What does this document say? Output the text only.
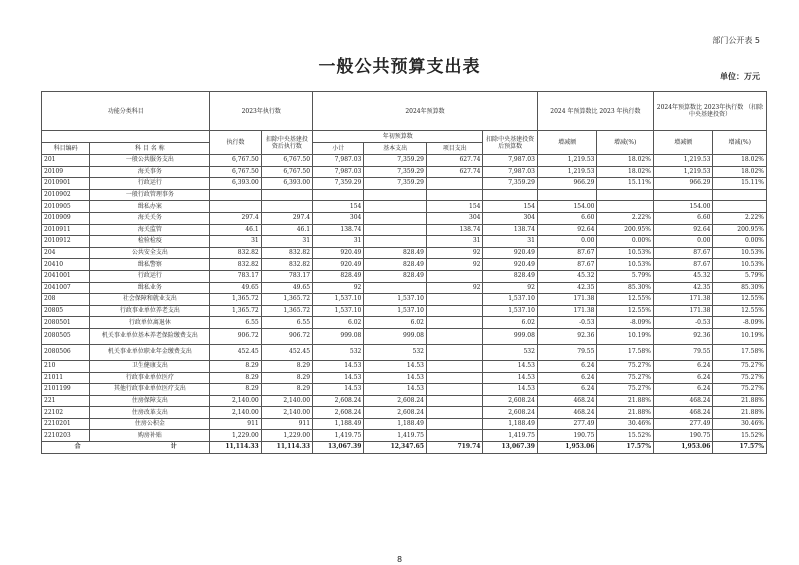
部门公开表 5
一般公共预算支出表	单位：万元
功能分类科目		2023年执行数		2024年预算数				2024 年预算数比 2023 年执行数		2024年预算数比 2023年执行数 （扣除中央基建投资）	
		执行数	扣除中央基建投资后执行数	年初预算数			扣除中央基建投资后预算数	增减额	增减(%)	增减额	增减(%)
科目编码	科 目 名 称			小计	基本支出	项目支出					
201	一般公共服务支出	6,767.50	6,767.50	7,987.03	7,359.29	627.74	7,987.03	1,219.53	18.02%	1,219.53	18.02%
20109	海关事务	6,767.50	6,767.50	7,987.03	7,359.29	627.74	7,987.03	1,219.53	18.02%	1,219.53	18.02%
2010901	行政运行	6,393.00	6,393.00	7,359.29	7,359.29		7,359.29	966.29	15.11%	966.29	15.11%
2010902	一般行政管理事务										
2010905	缉私办案			154		154	154	154.00		154.00	
2010909	海关关务	297.4	297.4	304		304	304	6.60	2.22%	6.60	2.22%
2010911	海关监管	46.1	46.1	138.74		138.74	138.74	92.64	200.95%	92.64	200.95%
2010912	检验检疫	31	31	31		31	31	0.00	0.00%	0.00	0.00%
204	公共安全支出	832.82	832.82	920.49	828.49	92	920.49	87.67	10.53%	87.67	10.53%
20410	缉私警察	832.82	832.82	920.49	828.49	92	920.49	87.67	10.53%	87.67	10.53%
2041001	行政运行	783.17	783.17	828.49	828.49		828.49	45.32	5.79%	45.32	5.79%
2041007	缉私业务	49.65	49.65	92		92	92	42.35	85.30%	42.35	85.30%
208	社会保障和就业支出	1,365.72	1,365.72	1,537.10	1,537.10		1,537.10	171.38	12.55%	171.38	12.55%
20805	行政事业单位养老支出	1,365.72	1,365.72	1,537.10	1,537.10		1,537.10	171.38	12.55%	171.38	12.55%
2080501	行政单位离退休	6.55	6.55	6.02	6.02		6.02	-0.53	-8.09%	-0.53	-8.09%
2080505	机关事业单位基本养老保险缴费支出	906.72	906.72	999.08	999.08		999.08	92.36	10.19%	92.36	10.19%
2080506	机关事业单位职业年金缴费支出	452.45	452.45	532	532		532	79.55	17.58%	79.55	17.58%
210	卫生健康支出	8.29	8.29	14.53	14.53		14.53	6.24	75.27%	6.24	75.27%
21011	行政事业单位医疗	8.29	8.29	14.53	14.53		14.53	6.24	75.27%	6.24	75.27%
2101199	其他行政事业单位医疗支出	8.29	8.29	14.53	14.53		14.53	6.24	75.27%	6.24	75.27%
221	住房保障支出	2,140.00	2,140.00	2,608.24	2,608.24		2,608.24	468.24	21.88%	468.24	21.88%
22102	住房改革支出	2,140.00	2,140.00	2,608.24	2,608.24		2,608.24	468.24	21.88%	468.24	21.88%
2210201	住房公积金	911	911	1,188.49	1,188.49		1,188.49	277.49	30.46%	277.49	30.46%
2210203	购房补贴	1,229.00	1,229.00	1,419.75	1,419.75		1,419.75	190.75	15.52%	190.75	15.52%
合 计		11,114.33	11,114.33	13,067.39	12,347.65	719.74	13,067.39	1,953.06	17.57%	1,953.06	17.57%
8
